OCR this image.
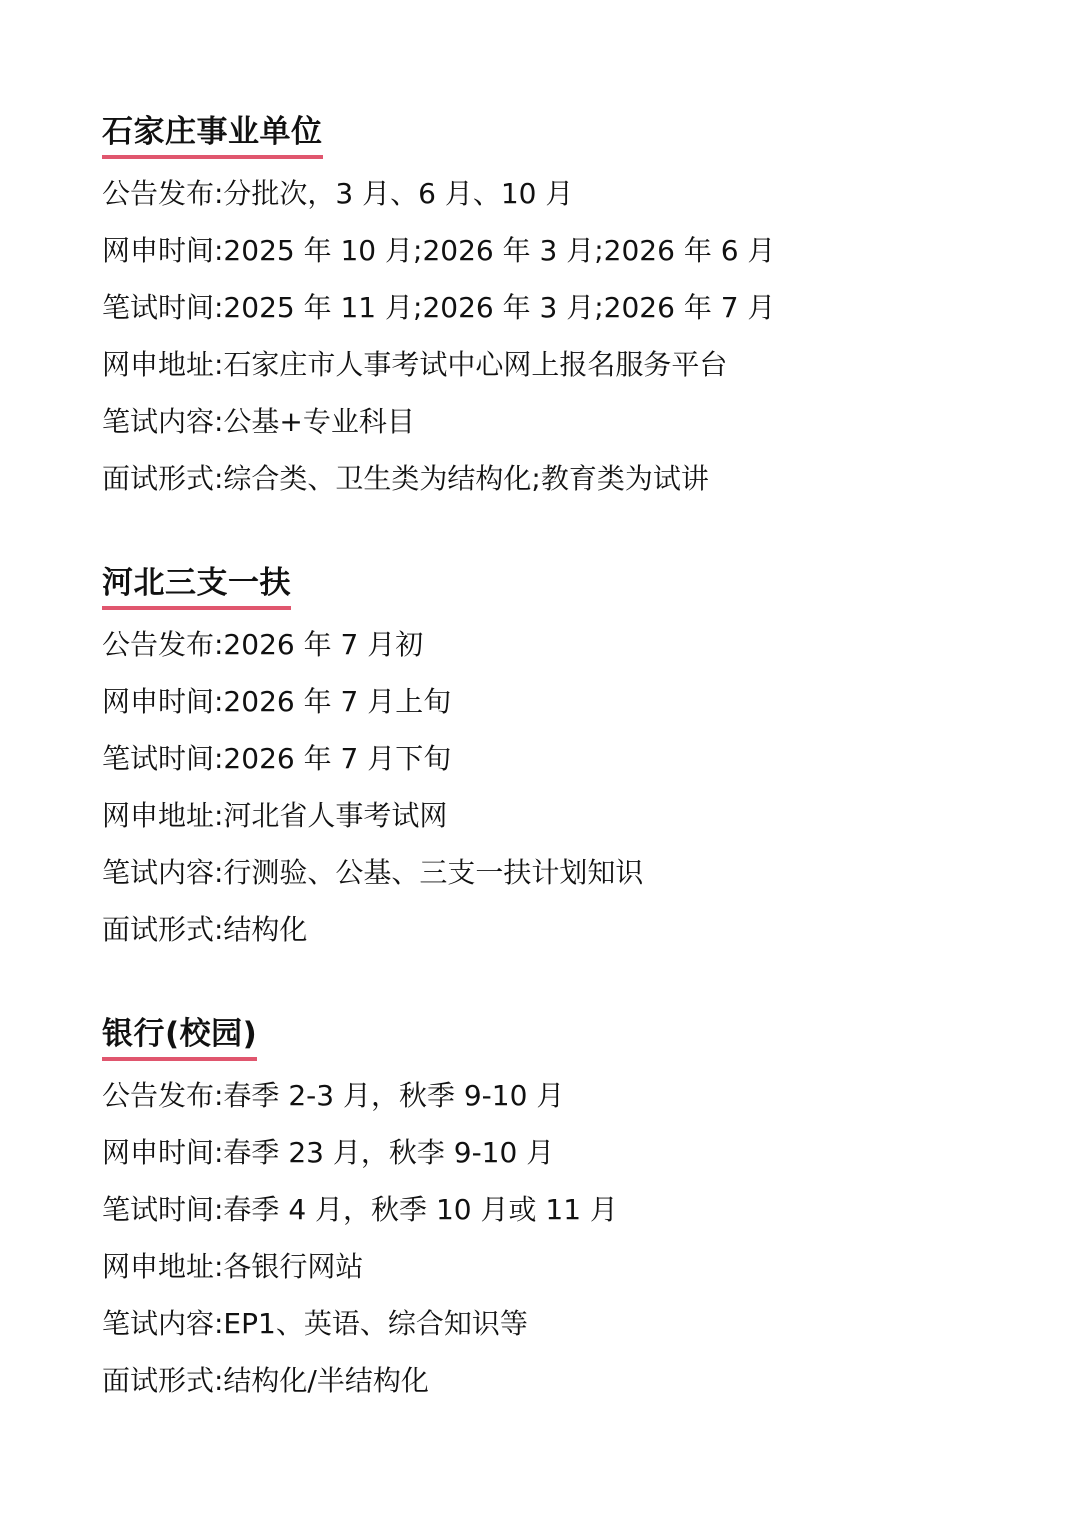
石家庄事业单位
公告发布:分批次，3 月、6 月、10 月
网申时间:2025 年 10 月;2026 年 3 月;2026 年 6 月
笔试时间:2025 年 11 月;2026 年 3 月;2026 年 7 月
网申地址:石家庄市人事考试中心网上报名服务平台
笔试内容:公基+专业科目
面试形式:综合类、卫生类为结构化;教育类为试讲
河北三支一扶
公告发布:2026 年 7 月初
网申时间:2026 年 7 月上旬
笔试时间:2026 年 7 月下旬
网申地址:河北省人事考试网
笔试内容:行测验、公基、三支一扶计划知识
面试形式:结构化
银行(校园)
公告发布:春季 2-3 月，秋季 9-10 月
网申时间:春季 23 月，秋李 9-10 月
笔试时间:春季 4 月，秋季 10 月或 11 月
网申地址:各银行网站
笔试内容:EP1、英语、综合知识等
面试形式:结构化/半结构化
